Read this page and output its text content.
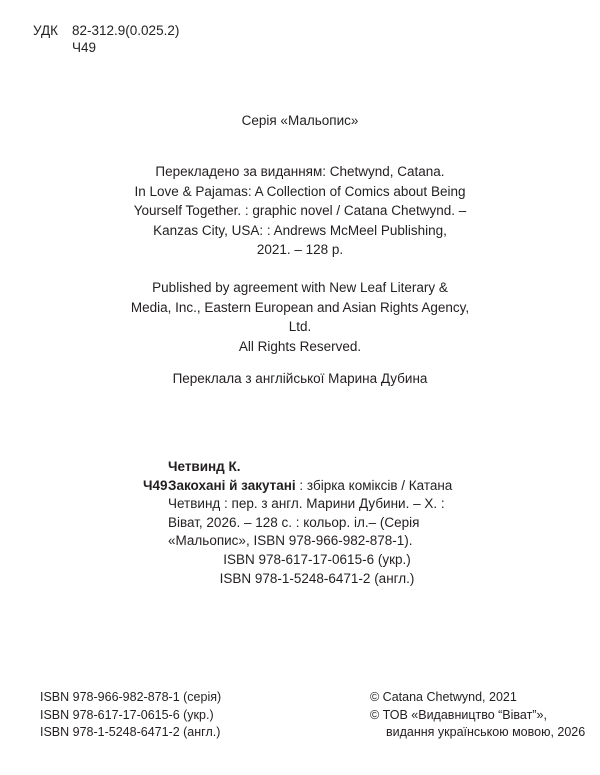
УДК	82-312.9(0.025.2)
Ч49
Серія «Мальопис»
Перекладено за виданням: Chetwynd, Catana.
In Love & Pajamas: A Collection of Comics about Being
Yourself Together. : graphic novel / Catana Chetwynd. –
Kanzas City, USA: : Andrews McMeel Publishing,
2021. – 128 p.
Published by agreement with New Leaf Literary &
Media, Inc., Eastern European and Asian Rights Agency,
Ltd.
All Rights Reserved.
Переклала з англійської Марина Дубина
Четвинд К.
Ч49 Закохані й закутані : збірка коміксів / Катана Четвинд : пер. з англ. Марини Дубини. – Х. : Віват, 2026. – 128 с. : кольор. іл.– (Серія «Мальопис», ISBN 978-966-982-878-1).
ISBN 978-617-17-0615-6 (укр.)
ISBN 978-1-5248-6471-2 (англ.)
ISBN 978-966-982-878-1 (серія)
ISBN 978-617-17-0615-6 (укр.)
ISBN 978-1-5248-6471-2 (англ.)
© Catana Chetwynd, 2021
© ТОВ «Видавництво “Віват”»,
видання українською мовою, 2026
